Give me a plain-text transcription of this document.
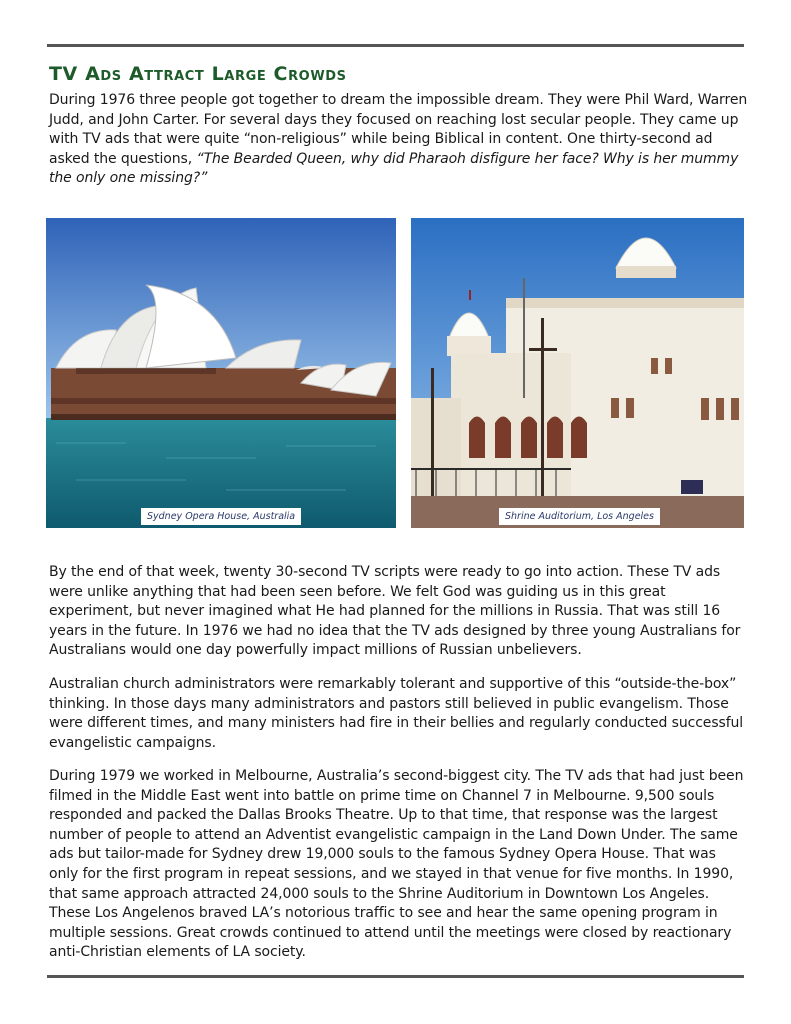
TV Ads Attract Large Crowds

During 1976 three people got together to dream the impossible dream. They were Phil Ward, Warren Judd, and John Carter. For several days they focused on reaching lost secular people. They came up with TV ads that were quite “non-religious” while being Biblical in content. One thirty-second ad asked the questions, “The Bearded Queen, why did Pharaoh disfigure her face? Why is her mummy the only one missing?”

Sydney Opera House, Australia	Shrine Auditorium, Los Angeles

By the end of that week, twenty 30-second TV scripts were ready to go into action. These TV ads were unlike anything that had been seen before. We felt God was guiding us in this great experiment, but never imagined what He had planned for the millions in Russia. That was still 16 years in the future. In 1976 we had no idea that the TV ads designed by three young Australians for Australians would one day powerfully impact millions of Russian unbelievers.

Australian church administrators were remarkably tolerant and supportive of this “outside-the-box” thinking. In those days many administrators and pastors still believed in public evangelism. Those were different times, and many ministers had fire in their bellies and regularly conducted successful evangelistic campaigns.

During 1979 we worked in Melbourne, Australia’s second-biggest city. The TV ads that had just been filmed in the Middle East went into battle on prime time on Channel 7 in Melbourne. 9,500 souls responded and packed the Dallas Brooks Theatre. Up to that time, that response was the largest number of people to attend an Adventist evangelistic campaign in the Land Down Under. The same ads but tailor-made for Sydney drew 19,000 souls to the famous Sydney Opera House. That was only for the first program in repeat sessions, and we stayed in that venue for five months. In 1990, that same approach attracted 24,000 souls to the Shrine Auditorium in Downtown Los Angeles. These Los Angelenos braved LA’s notorious traffic to see and hear the same opening program in multiple sessions. Great crowds continued to attend until the meetings were closed by reactionary anti-Christian elements of LA society.
